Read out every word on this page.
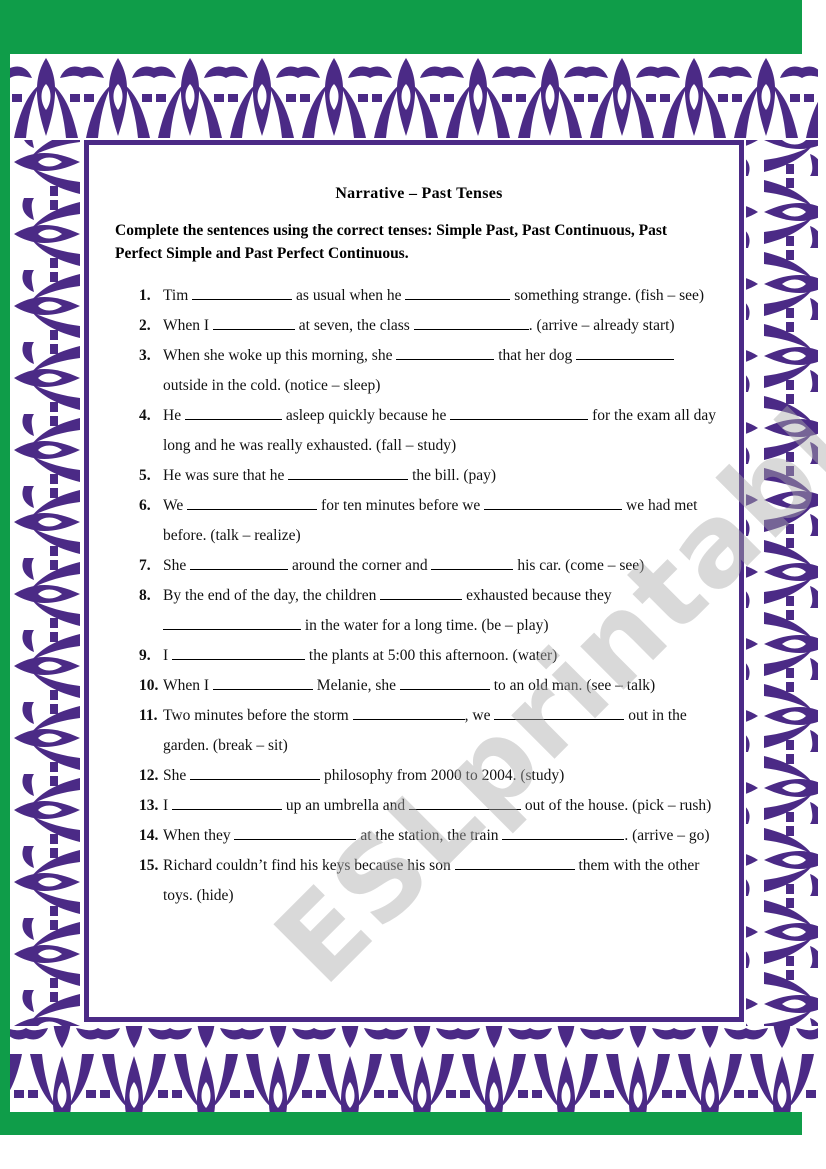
Narrative – Past Tenses
Complete the sentences using the correct tenses: Simple Past, Past Continuous, Past Perfect Simple and Past Perfect Continuous.
1. Tim	as usual when he	something strange. (fish – see)
2. When I	at seven, the class	. (arrive – already start)
3. When she woke up this morning, she	that her dog  outside in the cold. (notice – sleep)
4. He	asleep quickly because he	for the exam all day long and he was really exhausted. (fall – study)
5. He was sure that he	the bill. (pay)
6. We	for ten minutes before we	we had met before. (talk – realize)
7. She	around the corner and	his car. (come – see)
8. By the end of the day, the children	exhausted because they  in the water for a long time. (be – play)
9. I	the plants at 5:00 this afternoon. (water)
10. When I	Melanie, she	to an old man. (see – talk)
11. Two minutes before the storm	, we	out in the garden. (break – sit)
12. She	philosophy from 2000 to 2004. (study)
13. I	up an umbrella and	out of the house. (pick – rush)
14. When they	at the station, the train	. (arrive – go)
15. Richard couldn’t find his keys because his son	them with the other toys. (hide)
